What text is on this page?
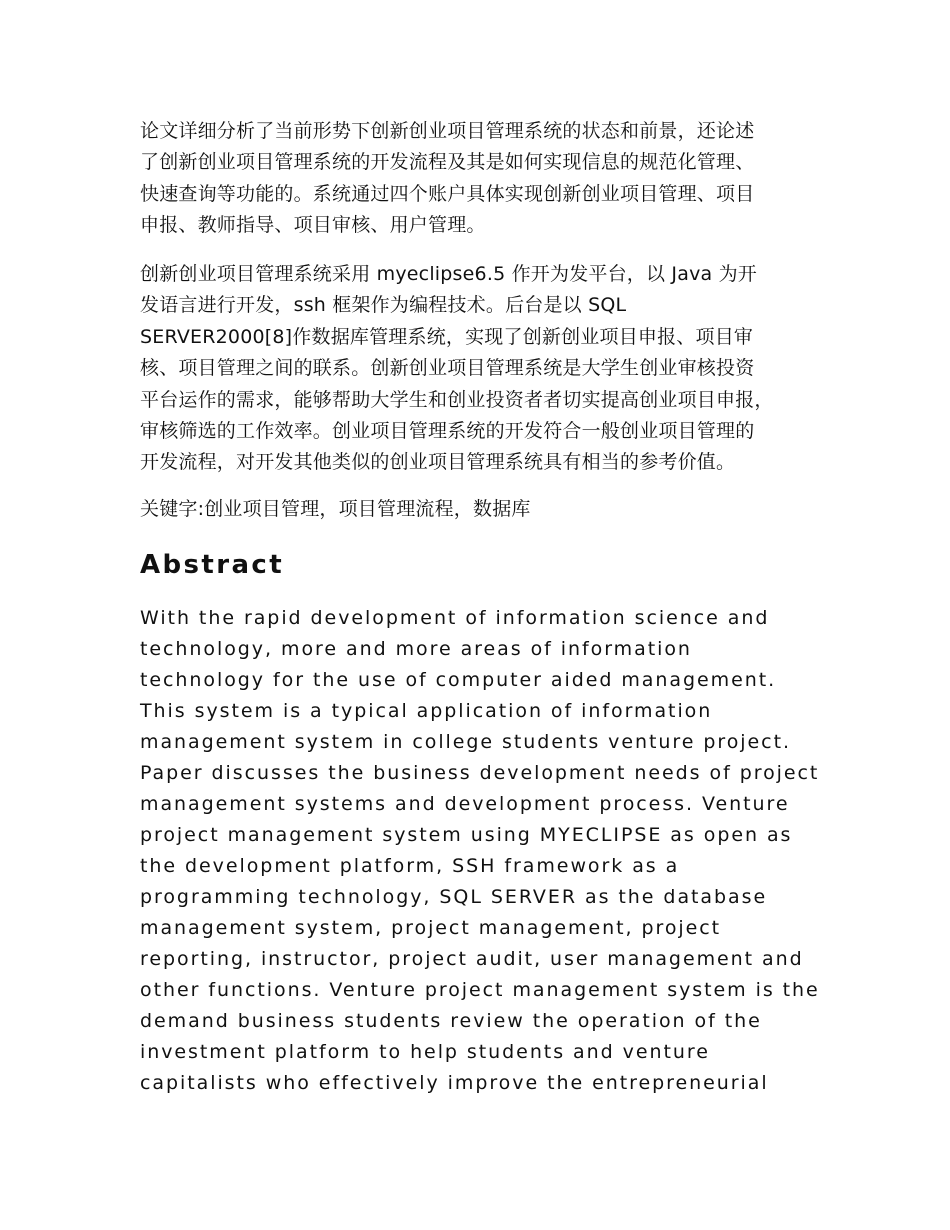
论文详细分析了当前形势下创新创业项目管理系统的状态和前景，还论述
了创新创业项目管理系统的开发流程及其是如何实现信息的规范化管理、
快速查询等功能的。系统通过四个账户具体实现创新创业项目管理、项目
申报、教师指导、项目审核、用户管理。
创新创业项目管理系统采用 myeclipse6.5 作开为发平台，以 Java 为开
发语言进行开发，ssh 框架作为编程技术。后台是以 SQL
SERVER2000[8]作数据库管理系统，实现了创新创业项目申报、项目审
核、项目管理之间的联系。创新创业项目管理系统是大学生创业审核投资
平台运作的需求，能够帮助大学生和创业投资者者切实提高创业项目申报，
审核筛选的工作效率。创业项目管理系统的开发符合一般创业项目管理的
开发流程，对开发其他类似的创业项目管理系统具有相当的参考价值。
关键字:创业项目管理，项目管理流程，数据库
Abstract
With the rapid development of information science and
technology, more and more areas of information
technology for the use of computer aided management.
This system is a typical application of information
management system in college students venture project.
Paper discusses the business development needs of project
management systems and development process. Venture
project management system using MYECLIPSE as open as
the development platform, SSH framework as a
programming technology, SQL SERVER as the database
management system, project management, project
reporting, instructor, project audit, user management and
other functions. Venture project management system is the
demand business students review the operation of the
investment platform to help students and venture
capitalists who effectively improve the entrepreneurial
